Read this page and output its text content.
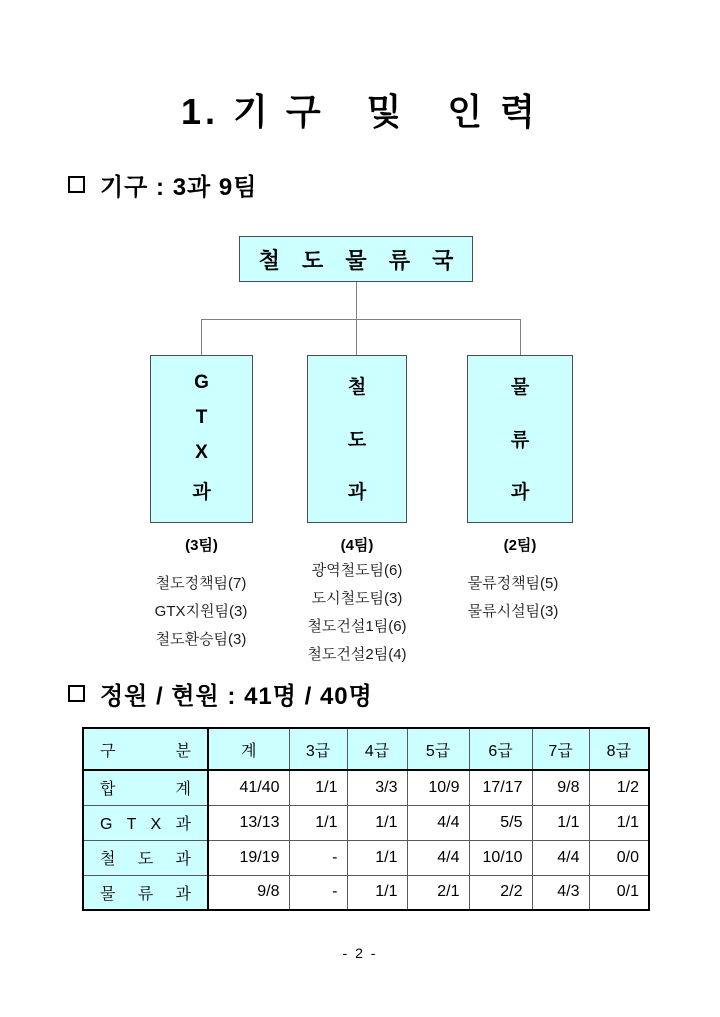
1. 기 구   및   인 력
기구 : 3과 9팀
철 도 물 류 국
G
T
X
과
철
도
과
물
류
과
(3팀)	(4팀)	(2팀)
철도정책팀(7)
GTX지원팀(3)
철도환승팀(3)
광역철도팀(6)
도시철도팀(3)
철도건설1팀(6)
철도건설2팀(4)
물류정책팀(5)
물류시설팀(3)
정원 / 현원 : 41명 / 40명
구 분	계	3급	4급	5급	6급	7급	8급
합 계	41/40	1/1	3/3	10/9	17/17	9/8	1/2
G T X 과	13/13	1/1	1/1	4/4	5/5	1/1	1/1
철 도 과	19/19	-	1/1	4/4	10/10	4/4	0/0
물 류 과	9/8	-	1/1	2/1	2/2	4/3	0/1
- 2 -
